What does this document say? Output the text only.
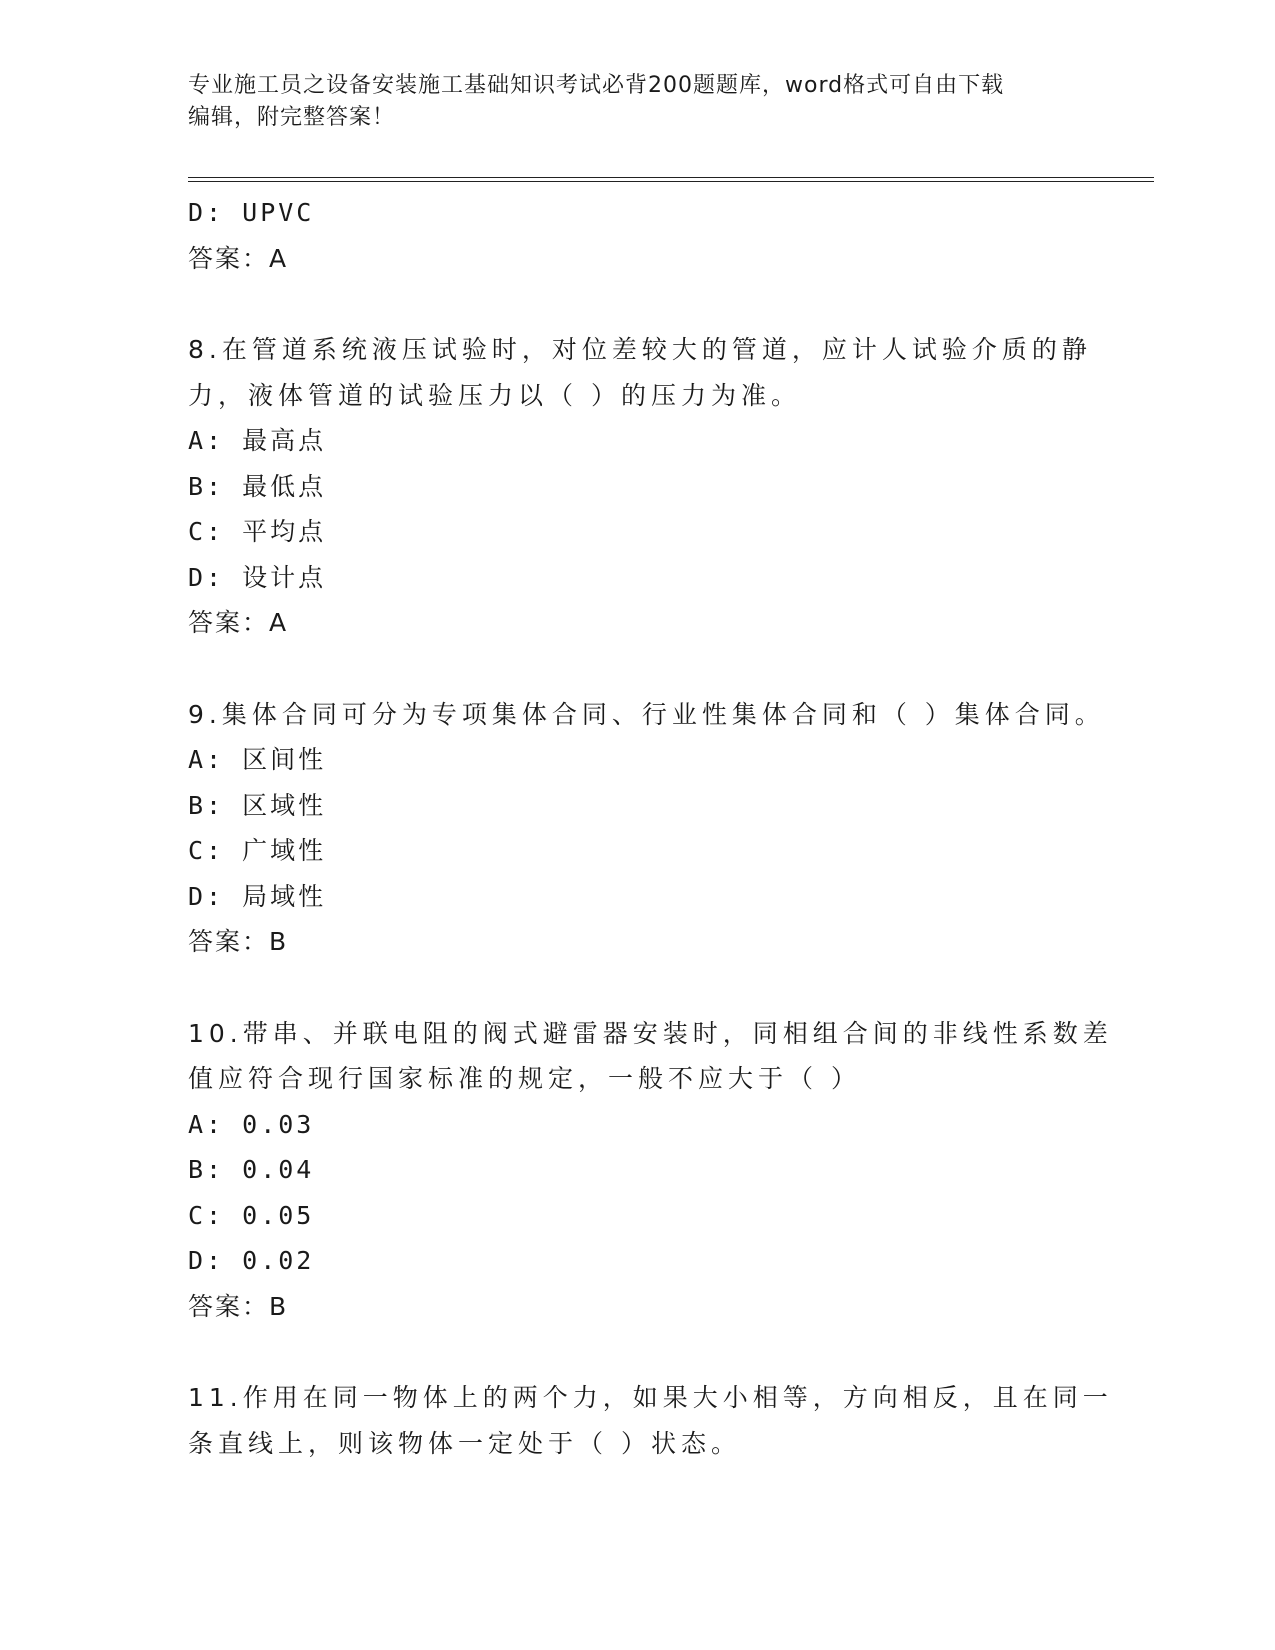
专业施工员之设备安装施工基础知识考试必背200题题库，word格式可自由下载
编辑，附完整答案！
D: UPVC
答案：A
8.在管道系统液压试验时，对位差较大的管道，应计人试验介质的静
力，液体管道的试验压力以（ ）的压力为准。
A: 最高点
B: 最低点
C: 平均点
D: 设计点
答案：A
9.集体合同可分为专项集体合同、行业性集体合同和（ ）集体合同。
A: 区间性
B: 区域性
C: 广域性
D: 局域性
答案：B
10.带串、并联电阻的阀式避雷器安装时，同相组合间的非线性系数差
值应符合现行国家标准的规定，一般不应大于（ ）
A: 0.03
B: 0.04
C: 0.05
D: 0.02
答案：B
11.作用在同一物体上的两个力，如果大小相等，方向相反，且在同一
条直线上，则该物体一定处于（ ）状态。
